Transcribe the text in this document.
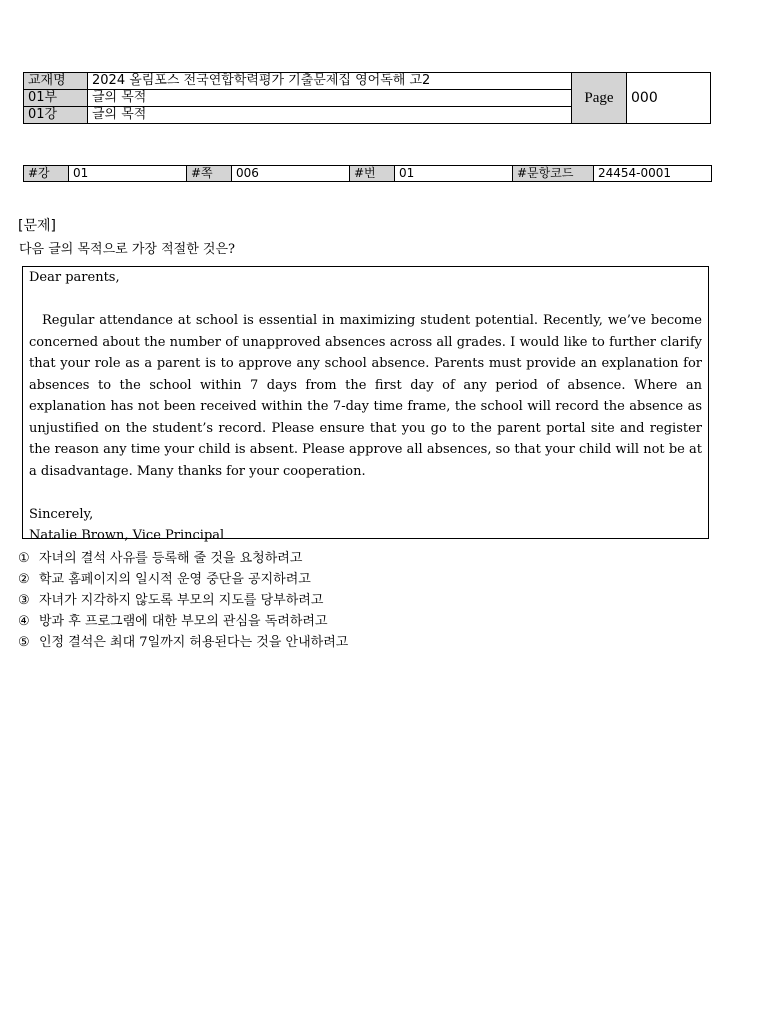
교재명	2024 올림포스 전국연합학력평가 기출문제집 영어독해 고2	Page	000
01부	글의 목적		
01강	글의 목적		
#강	01	#쪽	006	#번	01	#문항코드	24454-0001
[문제]
다음 글의 목적으로 가장 적절한 것은?

Dear parents,

Regular attendance at school is essential in maximizing student potential. Recently, we’ve become concerned about the number of unapproved absences across all grades. I would like to further clarify that your role as a parent is to approve any school absence. Parents must provide an explanation for absences to the school within 7 days from the first day of any period of absence. Where an explanation has not been received within the 7-day time frame, the school will record the absence as unjustified on the student’s record. Please ensure that you go to the parent portal site and register the reason any time your child is absent. Please approve all absences, so that your child will not be at a disadvantage. Many thanks for your cooperation.

Sincerely,

Natalie Brown, Vice Principal

① 자녀의 결석 사유를 등록해 줄 것을 요청하려고
② 학교 홈페이지의 일시적 운영 중단을 공지하려고
③ 자녀가 지각하지 않도록 부모의 지도를 당부하려고
④ 방과 후 프로그램에 대한 부모의 관심을 독려하려고
⑤ 인정 결석은 최대 7일까지 허용된다는 것을 안내하려고
